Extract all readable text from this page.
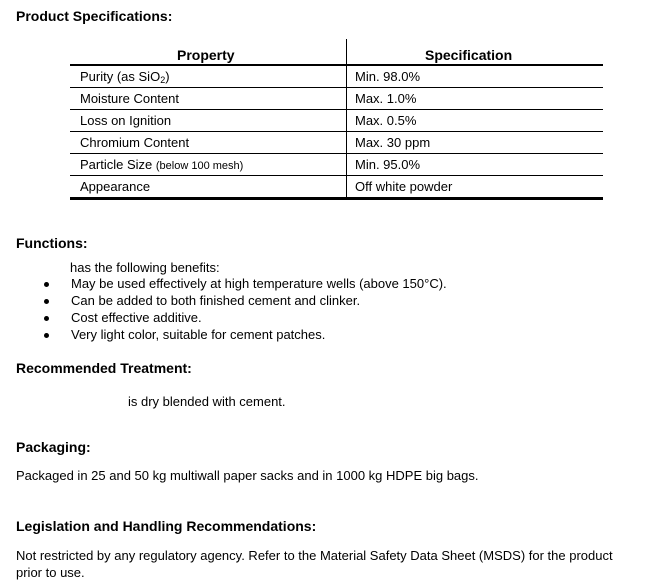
Product Specifications:
Property	Specification
Purity (as SiO$_2$)	Min. 98.0%
Moisture Content	Max. 1.0%
Loss on Ignition	Max. 0.5%
Chromium Content	Max. 30 ppm
Particle Size (below 100 mesh)	Min. 95.0%
Appearance	Off white powder
Functions:

has the following benefits:

May be used effectively at high temperature wells (above 150°C).
Can be added to both finished cement and clinker.
Cost effective additive.
Very light color, suitable for cement patches.
Recommended Treatment:

is dry blended with cement.

Packaging:

Packaged in 25 and 50 kg multiwall paper sacks and in 1000 kg HDPE big bags.

Legislation and Handling Recommendations:

Not restricted by any regulatory agency. Refer to the Material Safety Data Sheet (MSDS) for the product

prior to use.
